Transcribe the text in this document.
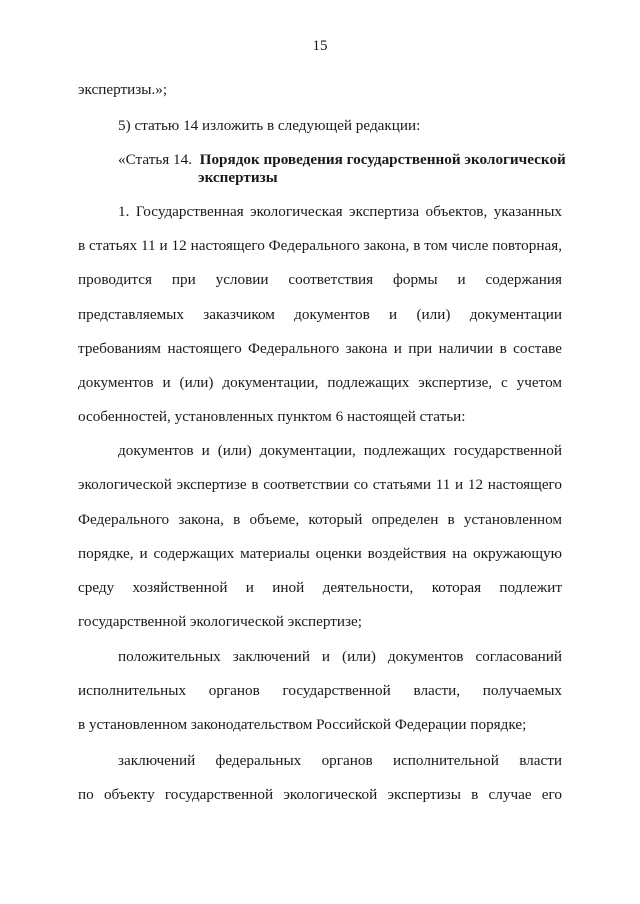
15
экспертизы.»;
5) статью 14 изложить в следующей редакции:
«Статья 14. Порядок проведения государственной экологической
экспертизы
1. Государственная экологическая экспертиза объектов, указанных
в статьях 11 и 12 настоящего Федерального закона, в том числе повторная,
проводится при условии соответствия формы и содержания
представляемых заказчиком документов и (или) документации
требованиям настоящего Федерального закона и при наличии в составе
документов и (или) документации, подлежащих экспертизе, с учетом
особенностей, установленных пунктом 6 настоящей статьи:
документов и (или) документации, подлежащих государственной
экологической экспертизе в соответствии со статьями 11 и 12 настоящего
Федерального закона, в объеме, который определен в установленном
порядке, и содержащих материалы оценки воздействия на окружающую
среду хозяйственной и иной деятельности, которая подлежит
государственной экологической экспертизе;
положительных заключений и (или) документов согласований
исполнительных органов государственной власти, получаемых
в установленном законодательством Российской Федерации порядке;
заключений федеральных органов исполнительной власти
по объекту государственной экологической экспертизы в случае его
